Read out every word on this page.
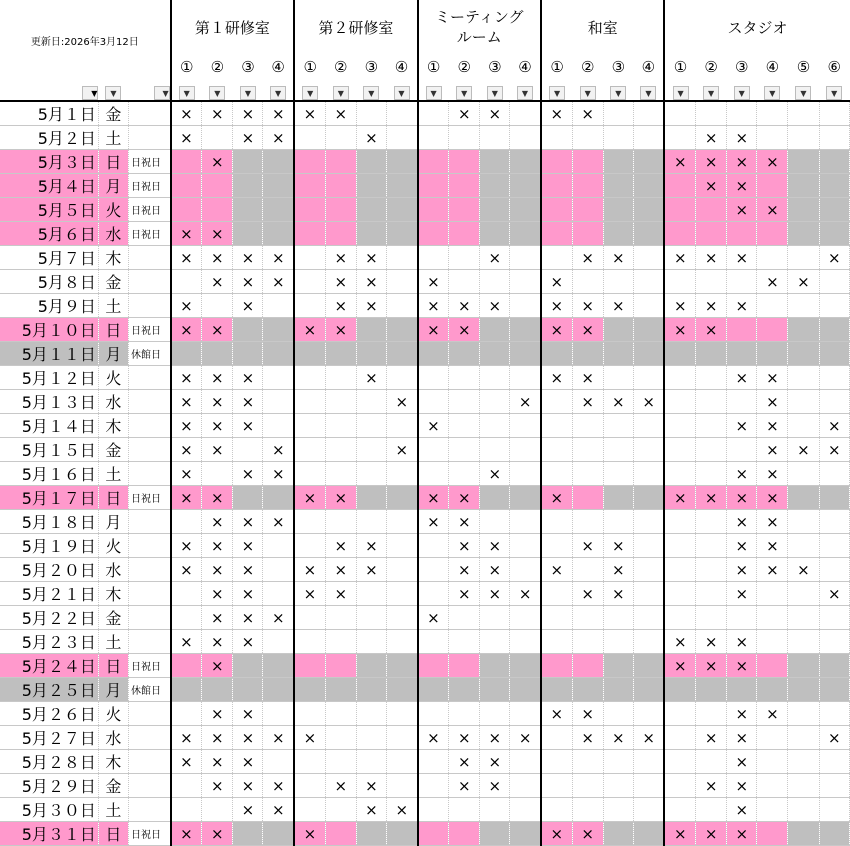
更新日:2026年3月12日			第１研修室				第２研修室				ミーティング
ルーム				和室				スタジオ					
			①	②	③	④	①	②	③	④	①	②	③	④	①	②	③	④	①	②	③	④	⑤	⑥
▼	▼	▼	▼	▼	▼	▼	▼	▼	▼	▼	▼	▼	▼	▼	▼	▼	▼	▼	▼	▼	▼	▼	▼	▼
5月１日	金		×	×	×	×	×	×				×	×		×	×								
5月２日	土		×		×	×			×											×	×			
5月３日	日	日祝日		×															×	×	×	×		
5月４日	月	日祝日																		×	×			
5月５日	火	日祝日																			×	×		
5月６日	水	日祝日	×	×																				
5月７日	木		×	×	×	×		×	×				×			×	×		×	×	×			×
5月８日	金			×	×	×		×	×		×				×							×	×	
5月９日	土		×		×			×	×		×	×	×		×	×	×		×	×	×			
5月１０日	日	日祝日	×	×			×	×			×	×			×	×			×	×				
5月１１日	月	休館日																						
5月１２日	火		×	×	×				×						×	×					×	×		
5月１３日	水		×	×	×					×				×		×	×	×				×		
5月１４日	木		×	×	×						×										×	×		×
5月１５日	金		×	×		×				×												×	×	×
5月１６日	土		×		×	×							×								×	×		
5月１７日	日	日祝日	×	×			×	×			×	×			×				×	×	×	×		
5月１８日	月			×	×	×					×	×									×	×		
5月１９日	火		×	×	×			×	×			×	×			×	×				×	×		
5月２０日	水		×	×	×		×	×	×			×	×		×		×				×	×	×	
5月２１日	木			×	×		×	×				×	×	×		×	×				×			×
5月２２日	金			×	×	×					×													
5月２３日	土		×	×	×														×	×	×			
5月２４日	日	日祝日		×															×	×	×			
5月２５日	月	休館日																						
5月２６日	火			×	×										×	×					×	×		
5月２７日	水		×	×	×	×	×				×	×	×	×		×	×	×		×	×			×
5月２８日	木		×	×	×							×	×								×			
5月２９日	金			×	×	×		×	×			×	×							×	×			
5月３０日	土				×	×			×	×											×			
5月３１日	日	日祝日	×	×			×								×	×			×	×	×			
